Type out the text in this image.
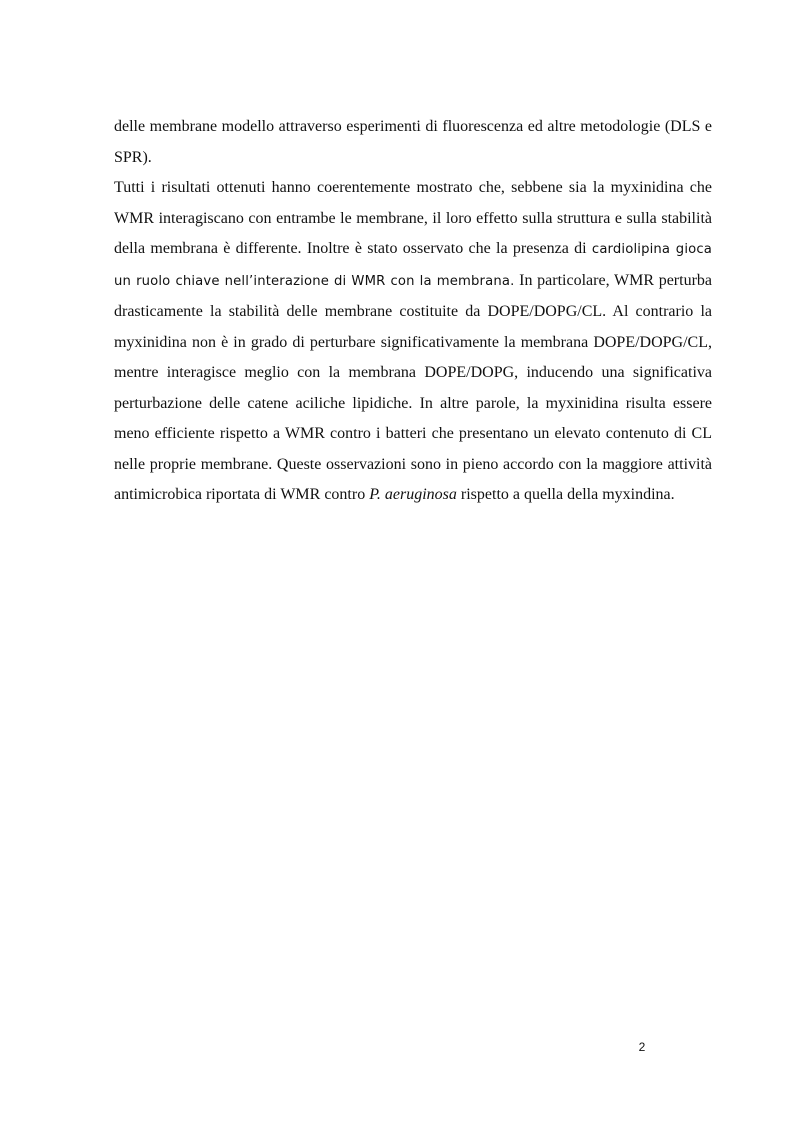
delle membrane modello attraverso esperimenti di fluorescenza ed altre metodologie (DLS e SPR).

Tutti i risultati ottenuti hanno coerentemente mostrato che, sebbene sia la myxinidina che WMR interagiscano con entrambe le membrane, il loro effetto sulla struttura e sulla stabilità della membrana è differente. Inoltre è stato osservato che la presenza di cardiolipina gioca un ruolo chiave nell’interazione di WMR con la membrana. In particolare, WMR perturba drasticamente la stabilità delle membrane costituite da DOPE/DOPG/CL. Al contrario la myxinidina non è in grado di perturbare significativamente la membrana DOPE/DOPG/CL, mentre interagisce meglio con la membrana DOPE/DOPG, inducendo una significativa perturbazione delle catene aciliche lipidiche. In altre parole, la myxinidina risulta essere meno efficiente rispetto a WMR contro i batteri che presentano un elevato contenuto di CL nelle proprie membrane. Queste osservazioni sono in pieno accordo con la maggiore attività antimicrobica riportata di WMR contro P. aeruginosa rispetto a quella della myxindina.

2
